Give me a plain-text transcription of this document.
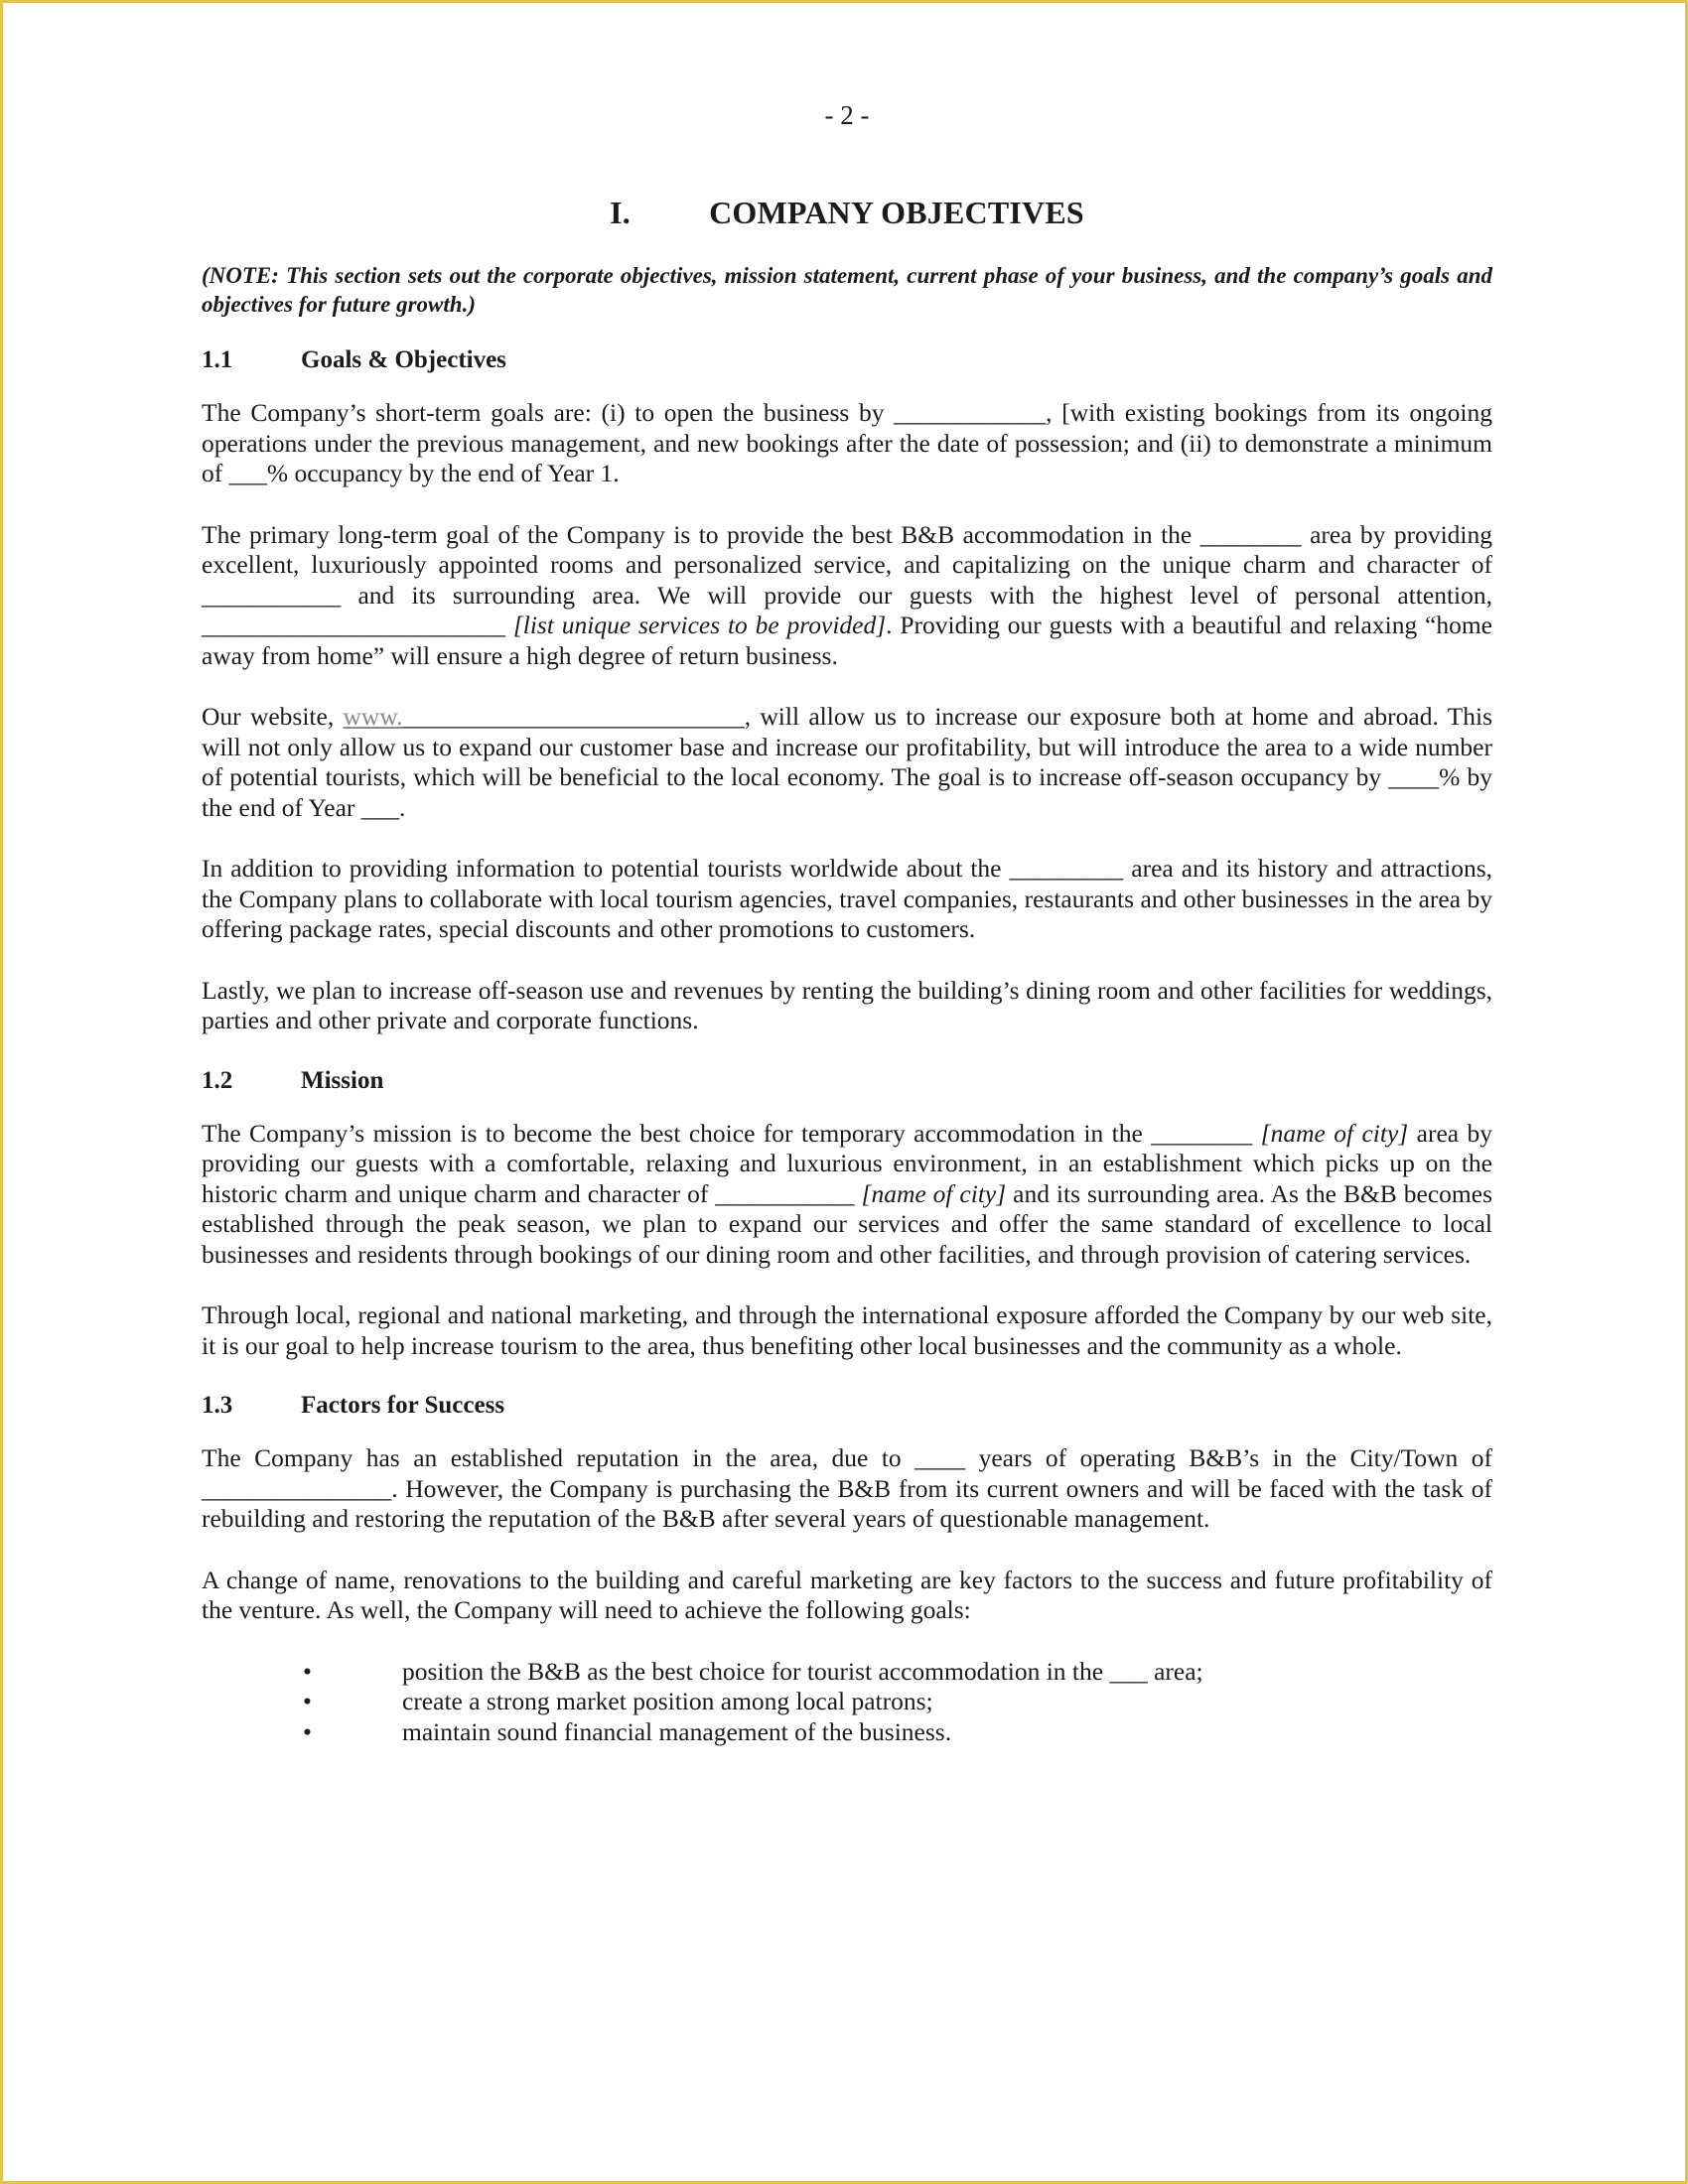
- 2 -
I.	COMPANY OBJECTIVES
(NOTE: This section sets out the corporate objectives, mission statement, current phase of your business, and the company’s goals and objectives for future growth.)
1.1	Goals & Objectives

The Company’s short-term goals are: (i) to open the business by ____________, [with existing bookings from its ongoing operations under the previous management, and new bookings after the date of possession; and (ii) to demonstrate a minimum of ___% occupancy by the end of Year 1.

The primary long-term goal of the Company is to provide the best B&B accommodation in the ________ area by providing excellent, luxuriously appointed rooms and personalized service, and capitalizing on the unique charm and character of ___________ and its surrounding area. We will provide our guests with the highest level of personal attention, ________________________ [list unique services to be provided]. Providing our guests with a beautiful and relaxing “home away from home” will ensure a high degree of return business.

Our website, www.___________________________, will allow us to increase our exposure both at home and abroad. This will not only allow us to expand our customer base and increase our profitability, but will introduce the area to a wide number of potential tourists, which will be beneficial to the local economy. The goal is to increase off-season occupancy by ____% by the end of Year ___.

In addition to providing information to potential tourists worldwide about the _________ area and its history and attractions, the Company plans to collaborate with local tourism agencies, travel companies, restaurants and other businesses in the area by offering package rates, special discounts and other promotions to customers.

Lastly, we plan to increase off-season use and revenues by renting the building’s dining room and other facilities for weddings, parties and other private and corporate functions.

1.2	Mission

The Company’s mission is to become the best choice for temporary accommodation in the ________ [name of city] area by providing our guests with a comfortable, relaxing and luxurious environment, in an establishment which picks up on the historic charm and unique charm and character of ___________ [name of city] and its surrounding area. As the B&B becomes established through the peak season, we plan to expand our services and offer the same standard of excellence to local businesses and residents through bookings of our dining room and other facilities, and through provision of catering services.

Through local, regional and national marketing, and through the international exposure afforded the Company by our web site, it is our goal to help increase tourism to the area, thus benefiting other local businesses and the community as a whole.

1.3	Factors for Success

The Company has an established reputation in the area, due to ____ years of operating B&B’s in the City/Town of _______________. However, the Company is purchasing the B&B from its current owners and will be faced with the task of rebuilding and restoring the reputation of the B&B after several years of questionable management.

A change of name, renovations to the building and careful marketing are key factors to the success and future profitability of the venture. As well, the Company will need to achieve the following goals:

•	position the B&B as the best choice for tourist accommodation in the ___ area;
•	create a strong market position among local patrons;
•	maintain sound financial management of the business.
